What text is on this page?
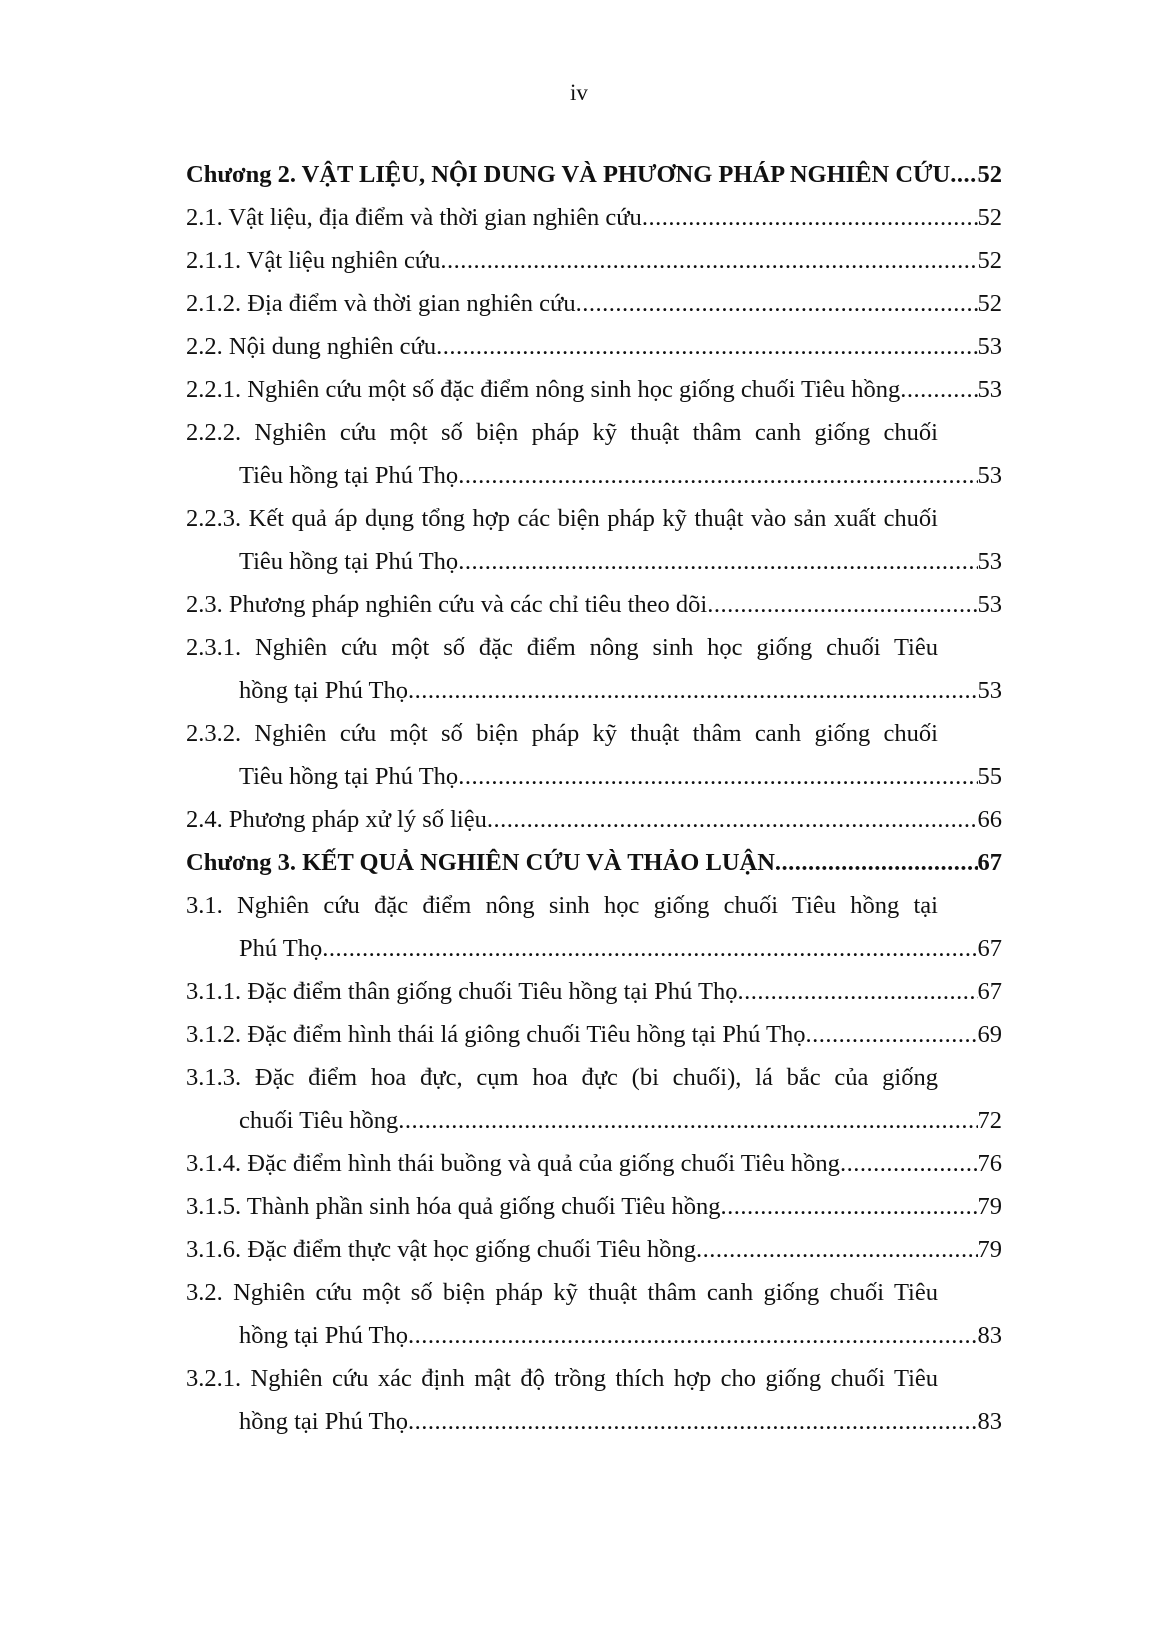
iv
Chương 2. VẬT LIỆU, NỘI DUNG VÀ PHƯƠNG PHÁP NGHIÊN CỨU ..... 52
2.1. Vật liệu, địa điểm và thời gian nghiên cứu .....	52
2.1.1. Vật liệu nghiên cứu .....	52
2.1.2. Địa điểm và thời gian nghiên cứu .....	52
2.2. Nội dung nghiên cứu .....	53
2.2.1. Nghiên cứu một số đặc điểm nông sinh học giống chuối Tiêu hồng .....	53
2.2.2. Nghiên cứu một số biện pháp kỹ thuật thâm canh giống chuối
Tiêu hồng tại Phú Thọ .....	53
2.2.3. Kết quả áp dụng tổng hợp các biện pháp kỹ thuật vào sản xuất chuối
Tiêu hồng tại Phú Thọ .....	53
2.3. Phương pháp nghiên cứu và các chỉ tiêu theo dõi .....	53
2.3.1. Nghiên cứu một số đặc điểm nông sinh học giống chuối Tiêu
hồng tại Phú Thọ .....	53
2.3.2. Nghiên cứu một số biện pháp kỹ thuật thâm canh giống chuối
Tiêu hồng tại Phú Thọ .....	55
2.4. Phương pháp xử lý số liệu .....	66
Chương 3. KẾT QUẢ NGHIÊN CỨU VÀ THẢO LUẬN .....	67
3.1. Nghiên cứu đặc điểm nông sinh học giống chuối Tiêu hồng tại
Phú Thọ .....	67
3.1.1. Đặc điểm thân giống chuối Tiêu hồng tại Phú Thọ .....	67
3.1.2. Đặc điểm hình thái lá giông chuối Tiêu hồng tại Phú Thọ .....	69
3.1.3. Đặc điểm hoa đực, cụm hoa đực (bi chuối), lá bắc của giống
chuối Tiêu hồng .....	72
3.1.4. Đặc điểm hình thái buồng và quả của giống chuối Tiêu hồng .....	76
3.1.5. Thành phần sinh hóa quả giống chuối Tiêu hồng .....	79
3.1.6. Đặc điểm thực vật học giống chuối Tiêu hồng .....	79
3.2. Nghiên cứu một số biện pháp kỹ thuật thâm canh giống chuối Tiêu
hồng tại Phú Thọ .....	83
3.2.1. Nghiên cứu xác định mật độ trồng thích hợp cho giống chuối Tiêu
hồng tại Phú Thọ .....	83
